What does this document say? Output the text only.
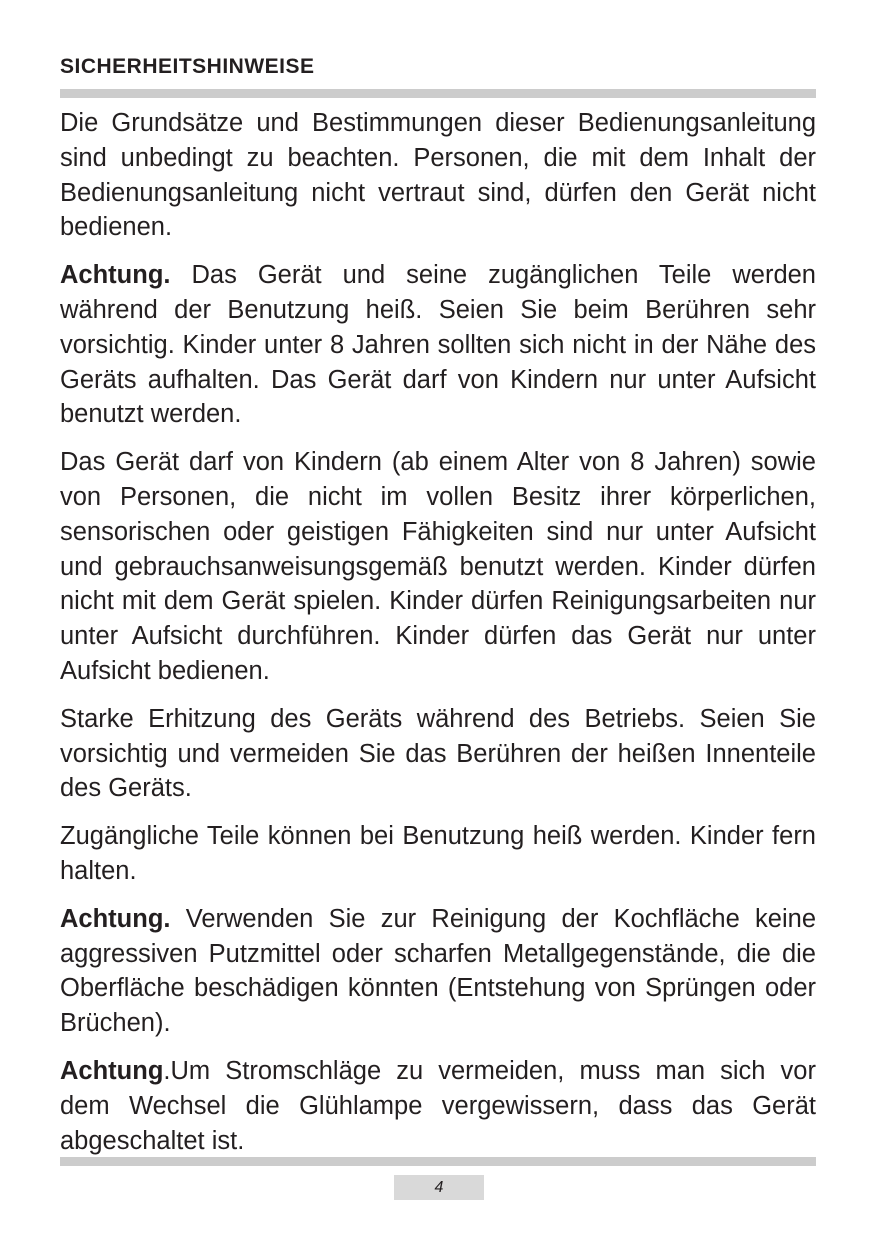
SICHERHEITSHINWEISE

Die Grundsätze und Bestimmungen dieser Bedienungsanleitung sind unbedingt zu beachten. Personen, die mit dem Inhalt der Bedienungsanleitung nicht vertraut sind, dürfen den Gerät nicht bedienen.

Achtung. Das Gerät und seine zugänglichen Teile werden während der Benutzung heiß. Seien Sie beim Berühren sehr vorsichtig. Kinder unter 8 Jahren sollten sich nicht in der Nähe des Geräts aufhalten. Das Gerät darf von Kindern nur unter Aufsicht benutzt werden.

Das Gerät darf von Kindern (ab einem Alter von 8 Jahren) sowie von Personen, die nicht im vollen Besitz ihrer körperlichen, sensorischen oder geistigen Fähigkeiten sind nur unter Aufsicht und gebrauchsanweisungsgemäß benutzt werden. Kinder dürfen nicht mit dem Gerät spielen. Kinder dürfen Reinigungsarbeiten nur unter Aufsicht durchführen. Kinder dürfen das Gerät nur unter Aufsicht bedienen.

Starke Erhitzung des Geräts während des Betriebs. Seien Sie vorsichtig und vermeiden Sie das Berühren der heißen Innenteile des Geräts.

Zugängliche Teile können bei Benutzung heiß werden. Kinder fern halten.

Achtung. Verwenden Sie zur Reinigung der Kochfläche keine aggressiven Putzmittel oder scharfen Metallgegenstände, die die Oberfläche beschädigen könnten (Entstehung von Sprüngen oder Brüchen).

Achtung.Um Stromschläge zu vermeiden, muss man sich vor dem Wechsel die Glühlampe vergewissern, dass das Gerät abgeschaltet ist.

4
